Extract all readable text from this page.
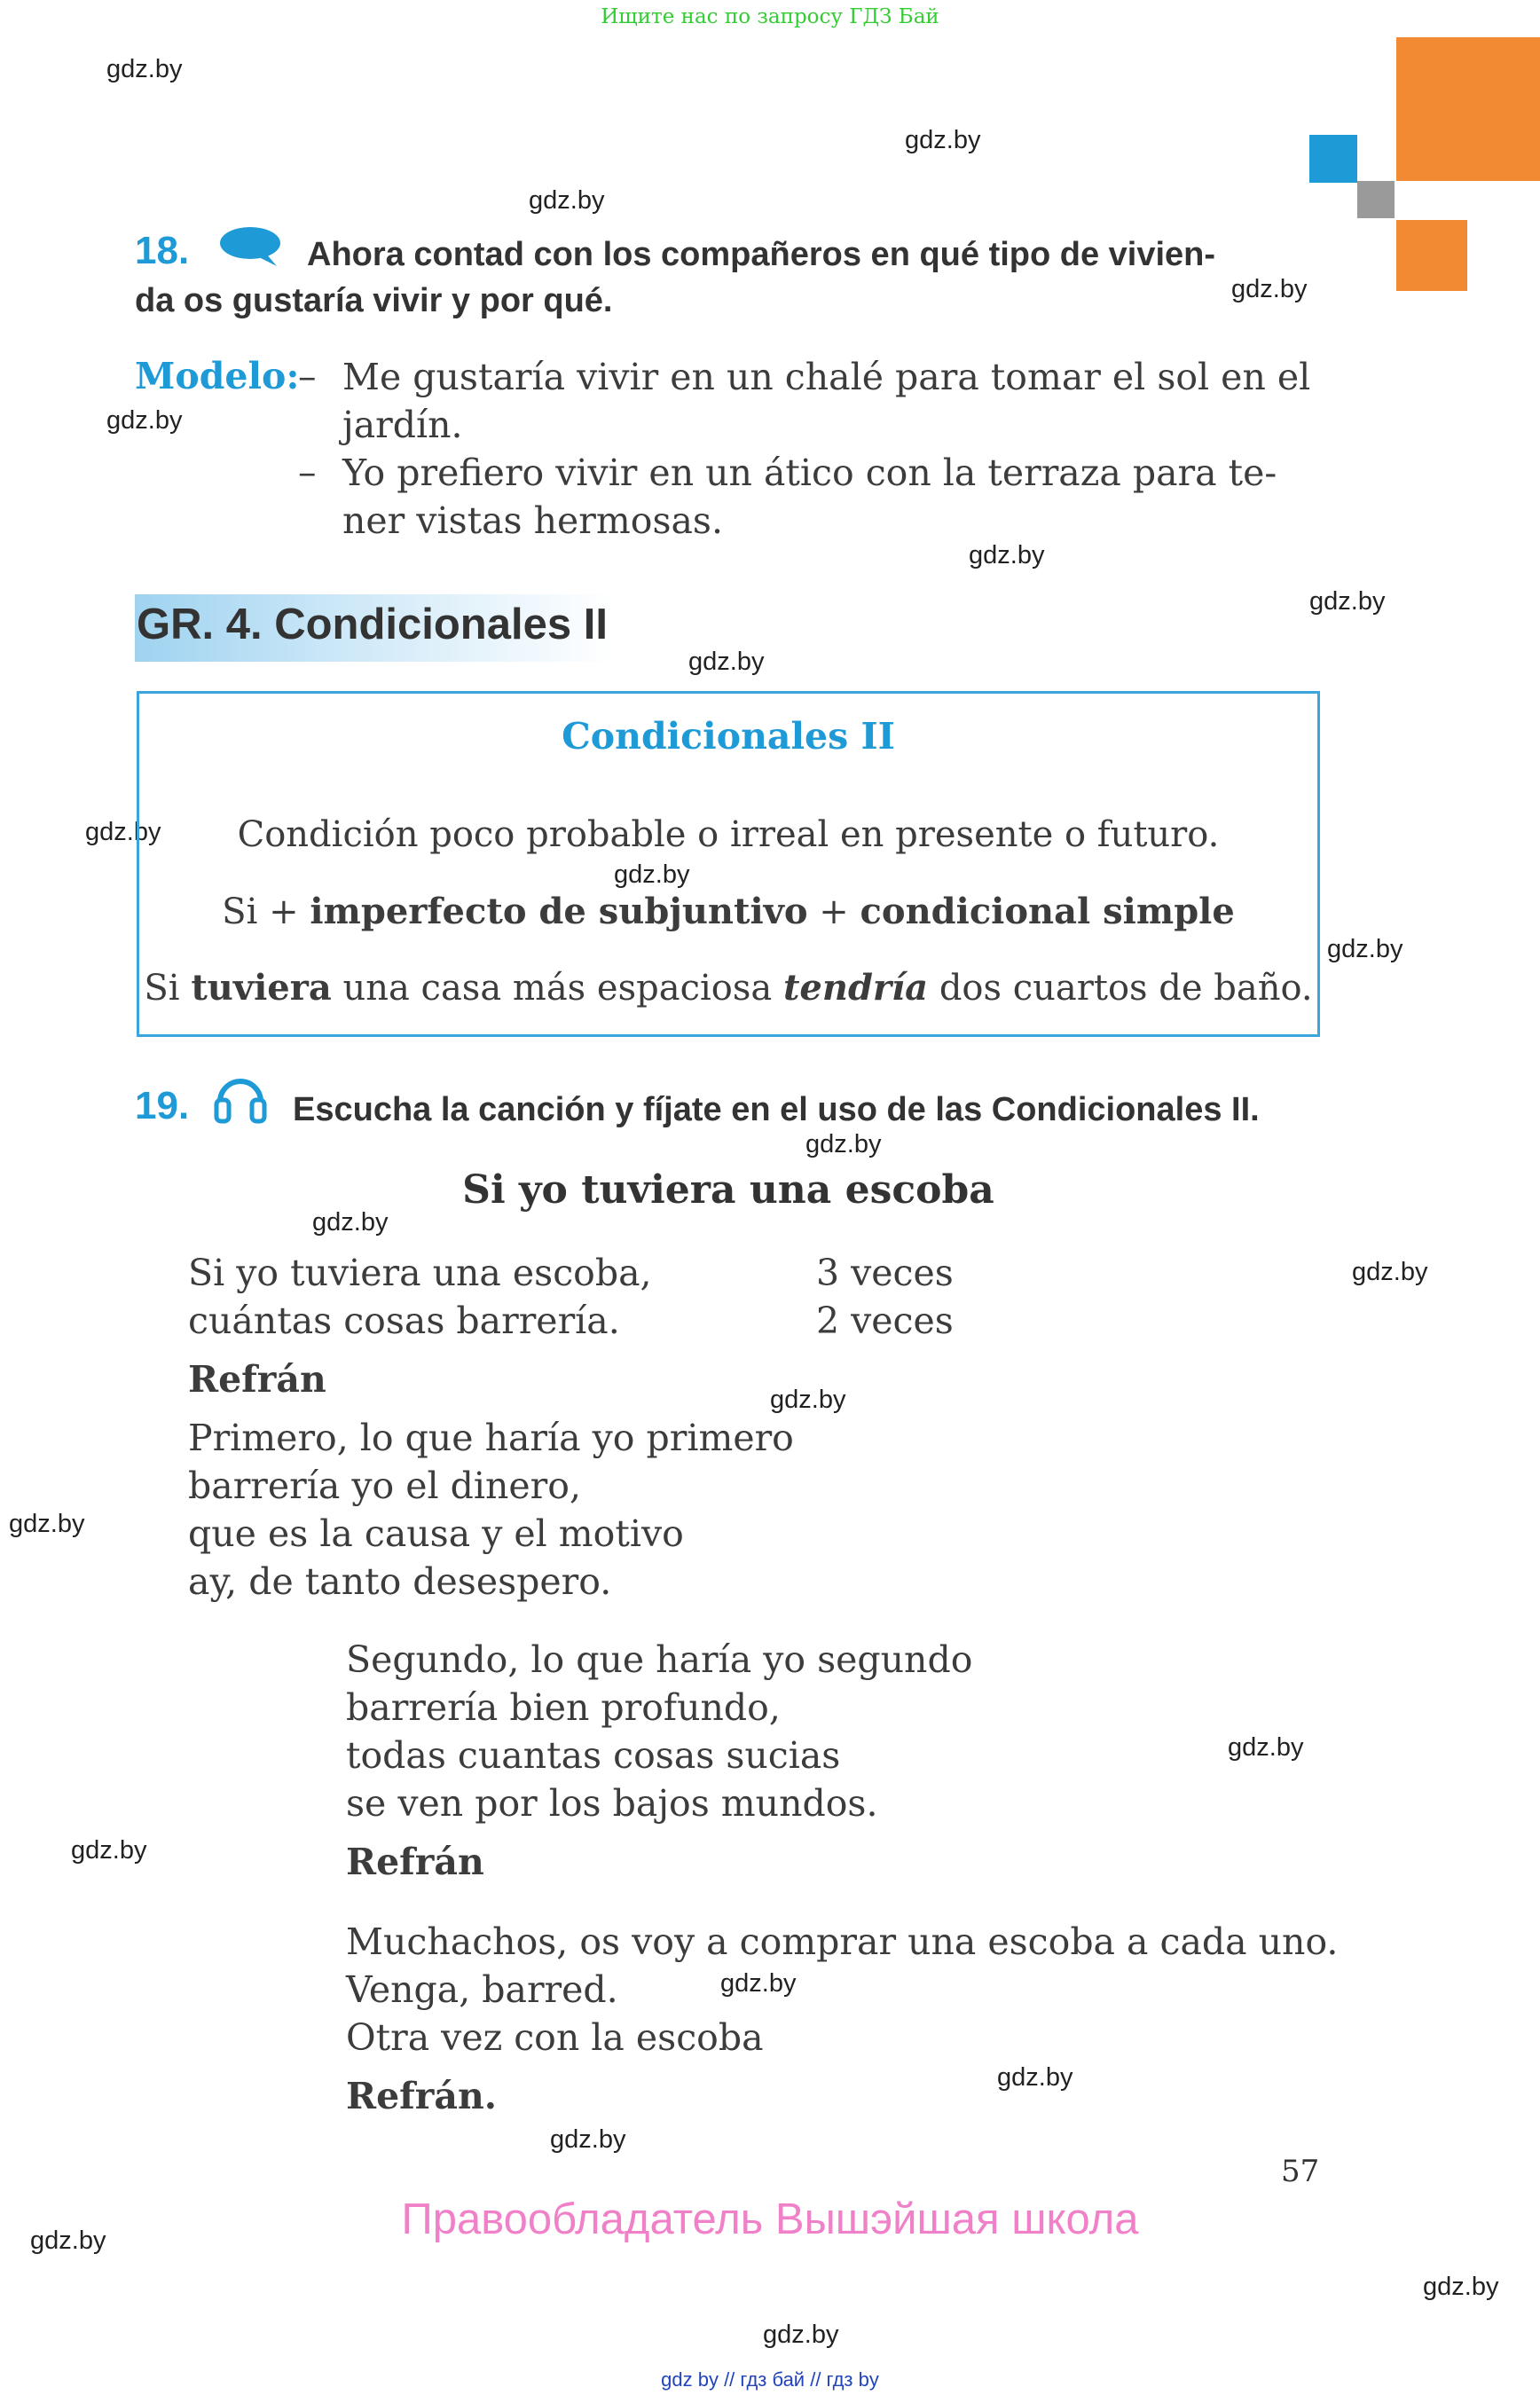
Ищите нас по запросу ГДЗ Бай
gdz.by
gdz.by
gdz.by
gdz.by
gdz.by
gdz.by
gdz.by
gdz.by
gdz.by
gdz.by
gdz.by
gdz.by
gdz.by
gdz.by
gdz.by
gdz.by
gdz.by
gdz.by
gdz.by
gdz.by
gdz.by
gdz.by
gdz.by
gdz.by
18.	Ahora contad con los compañeros en qué tipo de vivien-
da os gustaría vivir y por qué.
Modelo:
– Me gustaría vivir en un chalé para tomar el sol en el
jardín.
– Yo prefiero vivir en un ático con la terraza para te-
ner vistas hermosas.
GR. 4. Condicionales II
Condicionales II
Condición poco probable o irreal en presente o futuro.
Si + imperfecto de subjuntivo + condicional simple
Si tuviera una casa más espaciosa tendría dos cuartos de baño.
19.	Escucha la canción y fíjate en el uso de las Condicionales II.
Si yo tuviera una escoba
Si yo tuviera una escoba,
cuántas cosas barrería.
3 veces
2 veces
Refrán
Primero, lo que haría yo primero
barrería yo el dinero,
que es la causa y el motivo
ay, de tanto desespero.
Segundo, lo que haría yo segundo
barrería bien profundo,
todas cuantas cosas sucias
se ven por los bajos mundos.
Refrán
Muchachos, os voy a comprar una escoba a cada uno.
Venga, barred.
Otra vez con la escoba
Refrán.
57
Правообладатель Вышэйшая школа
gdz by // гдз бай // гдз by
